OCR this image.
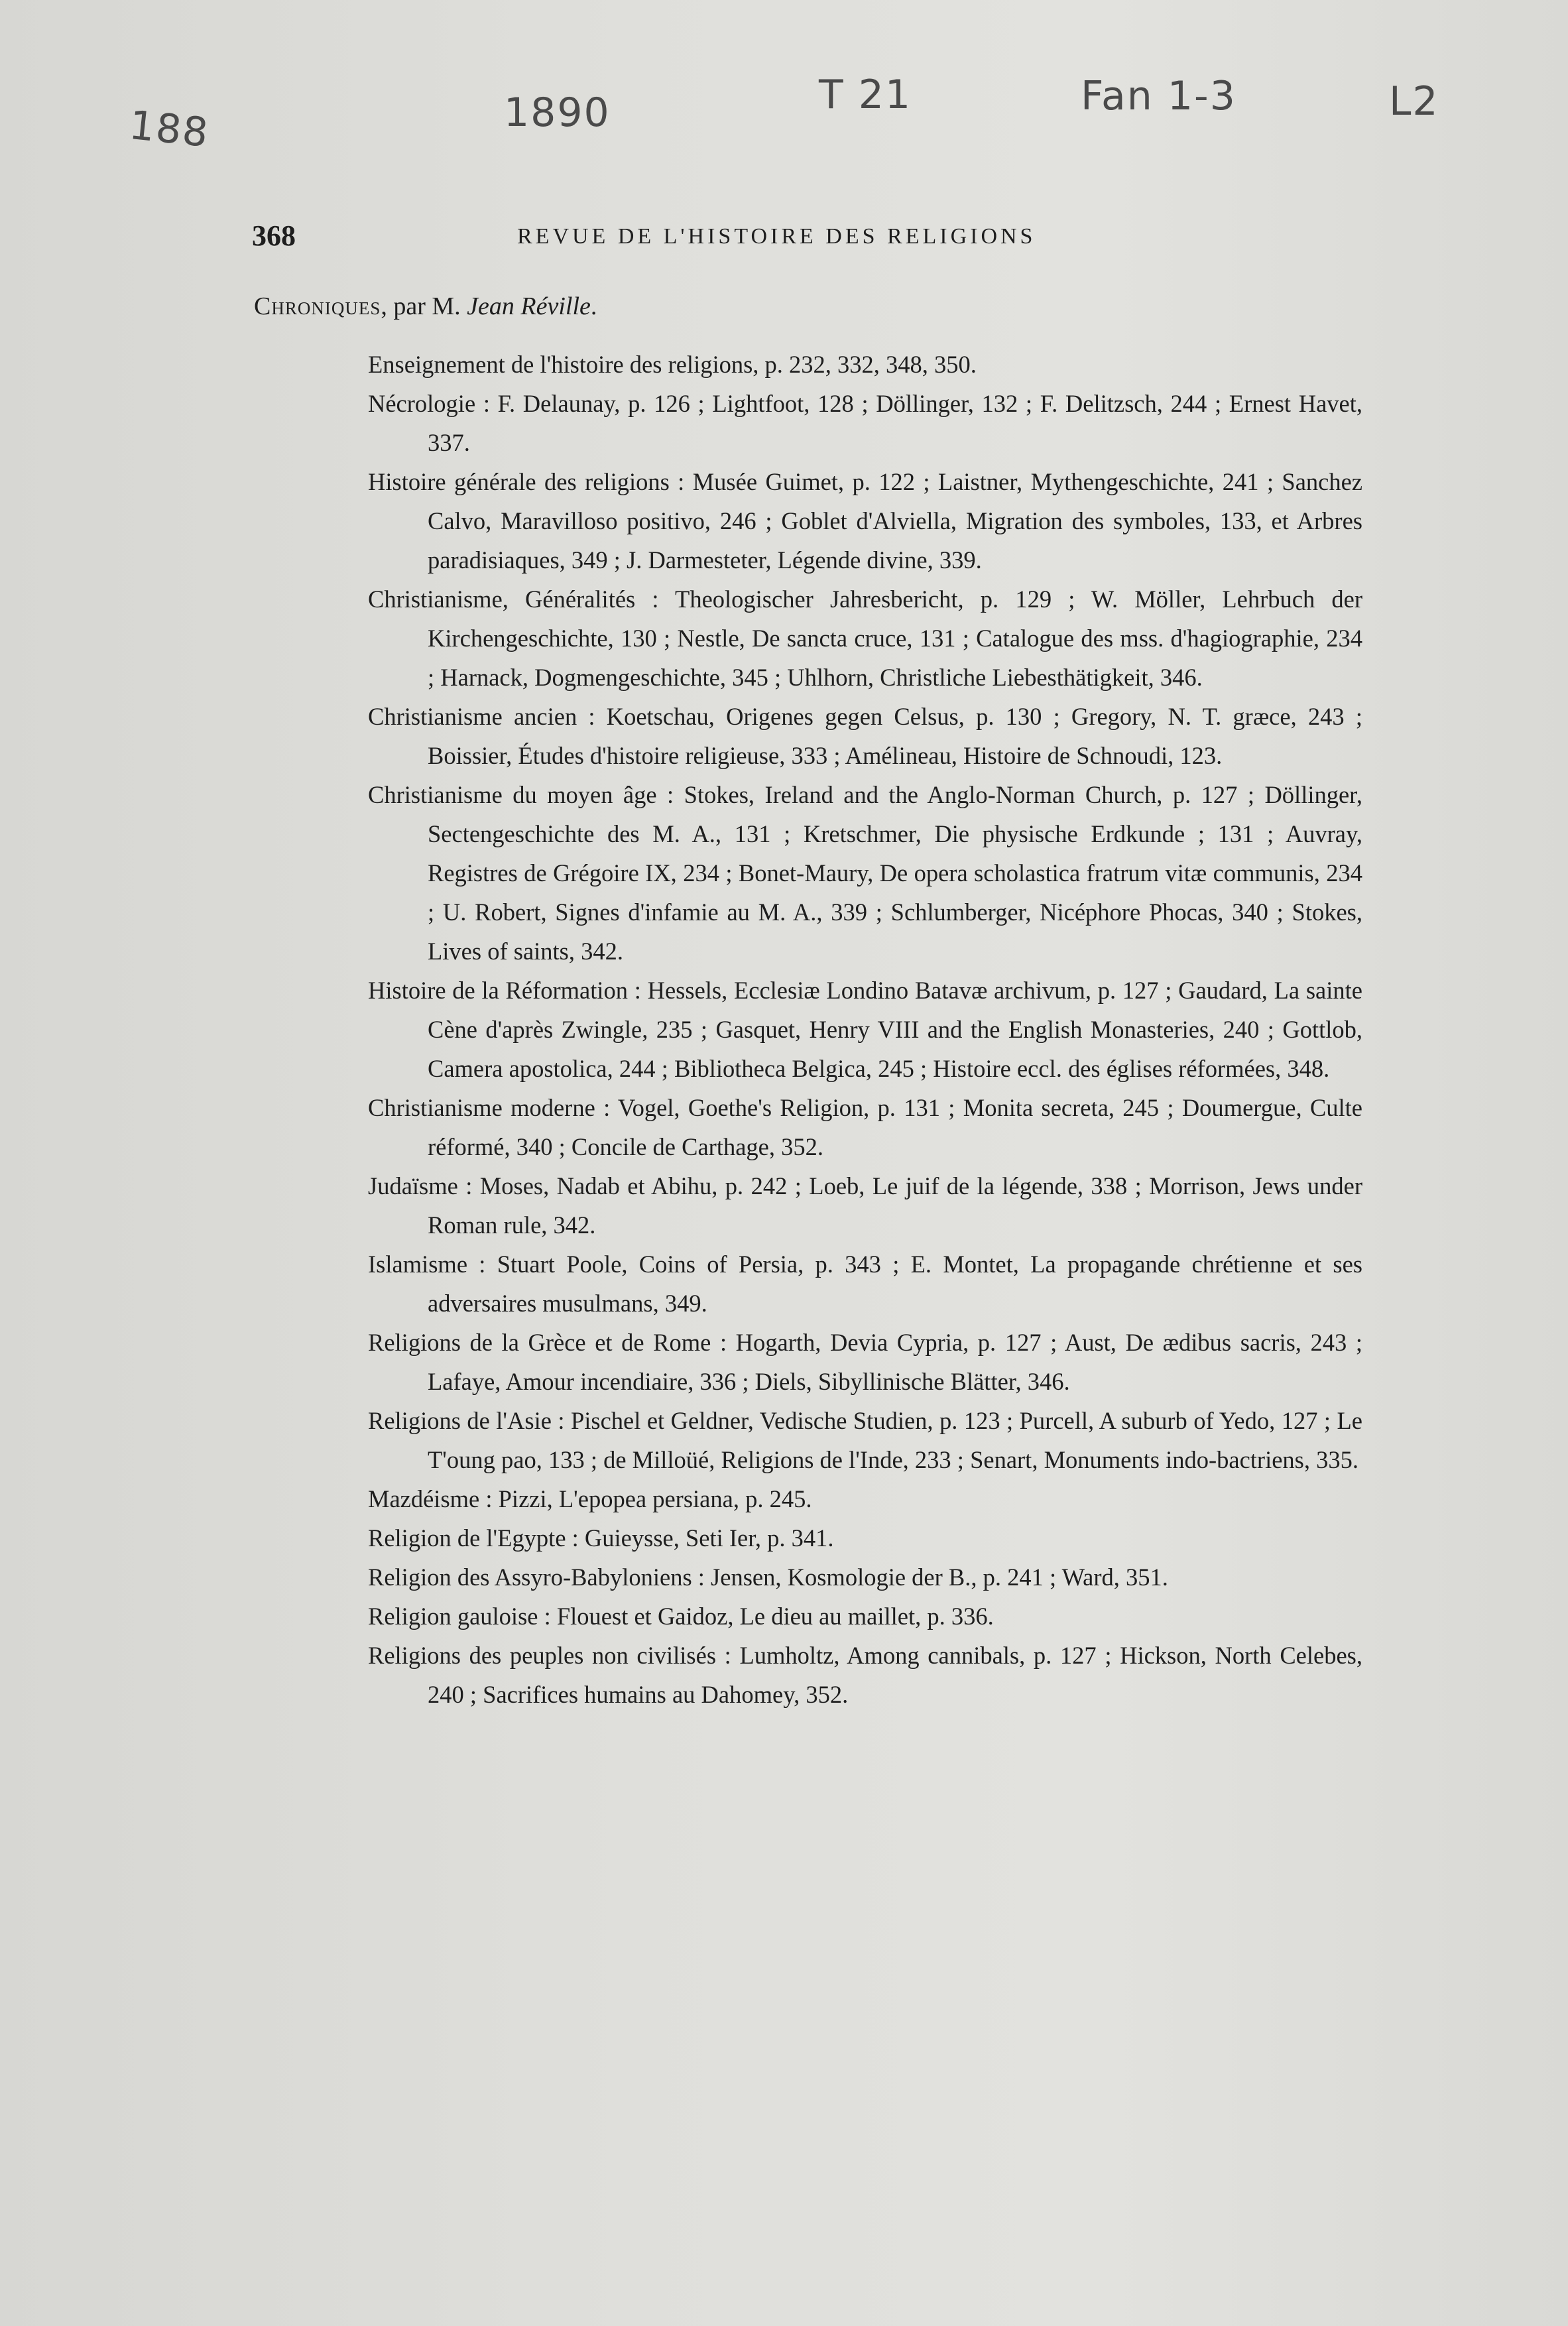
188	1890	T 21	Fan 1-3	L2
368	REVUE DE L'HISTOIRE DES RELIGIONS
Chroniques, par M. Jean Réville.

Enseignement de l'histoire des religions, p. 232, 332, 348, 350.

Nécrologie : F. Delaunay, p. 126 ; Lightfoot, 128 ; Döllinger, 132 ; F. Delitzsch, 244 ; Ernest Havet, 337.

Histoire générale des religions : Musée Guimet, p. 122 ; Laistner, Mythengeschichte, 241 ; Sanchez Calvo, Maravilloso positivo, 246 ; Goblet d'Alviella, Migration des symboles, 133, et Arbres paradisiaques, 349 ; J. Darmesteter, Légende divine, 339.

Christianisme, Généralités : Theologischer Jahresbericht, p. 129 ; W. Möller, Lehrbuch der Kirchengeschichte, 130 ; Nestle, De sancta cruce, 131 ; Catalogue des mss. d'hagiographie, 234 ; Harnack, Dogmengeschichte, 345 ; Uhlhorn, Christliche Liebesthätigkeit, 346.

Christianisme ancien : Koetschau, Origenes gegen Celsus, p. 130 ; Gregory, N. T. græce, 243 ; Boissier, Études d'histoire religieuse, 333 ; Amélineau, Histoire de Schnoudi, 123.

Christianisme du moyen âge : Stokes, Ireland and the Anglo-Norman Church, p. 127 ; Döllinger, Sectengeschichte des M. A., 131 ; Kretschmer, Die physische Erdkunde ; 131 ; Auvray, Registres de Grégoire IX, 234 ; Bonet-Maury, De opera scholastica fratrum vitæ communis, 234 ; U. Robert, Signes d'infamie au M. A., 339 ; Schlumberger, Nicéphore Phocas, 340 ; Stokes, Lives of saints, 342.

Histoire de la Réformation : Hessels, Ecclesiæ Londino Batavæ archivum, p. 127 ; Gaudard, La sainte Cène d'après Zwingle, 235 ; Gasquet, Henry VIII and the English Monasteries, 240 ; Gottlob, Camera apostolica, 244 ; Bibliotheca Belgica, 245 ; Histoire eccl. des églises réformées, 348.

Christianisme moderne : Vogel, Goethe's Religion, p. 131 ; Monita secreta, 245 ; Doumergue, Culte réformé, 340 ; Concile de Carthage, 352.

Judaïsme : Moses, Nadab et Abihu, p. 242 ; Loeb, Le juif de la légende, 338 ; Morrison, Jews under Roman rule, 342.

Islamisme : Stuart Poole, Coins of Persia, p. 343 ; E. Montet, La propagande chrétienne et ses adversaires musulmans, 349.

Religions de la Grèce et de Rome : Hogarth, Devia Cypria, p. 127 ; Aust, De ædibus sacris, 243 ; Lafaye, Amour incendiaire, 336 ; Diels, Sibyllinische Blätter, 346.

Religions de l'Asie : Pischel et Geldner, Vedische Studien, p. 123 ; Purcell, A suburb of Yedo, 127 ; Le T'oung pao, 133 ; de Milloüé, Religions de l'Inde, 233 ; Senart, Monuments indo-bactriens, 335.

Mazdéisme : Pizzi, L'epopea persiana, p. 245.

Religion de l'Egypte : Guieysse, Seti Ier, p. 341.

Religion des Assyro-Babyloniens : Jensen, Kosmologie der B., p. 241 ; Ward, 351.

Religion gauloise : Flouest et Gaidoz, Le dieu au maillet, p. 336.

Religions des peuples non civilisés : Lumholtz, Among cannibals, p. 127 ; Hickson, North Celebes, 240 ; Sacrifices humains au Dahomey, 352.
